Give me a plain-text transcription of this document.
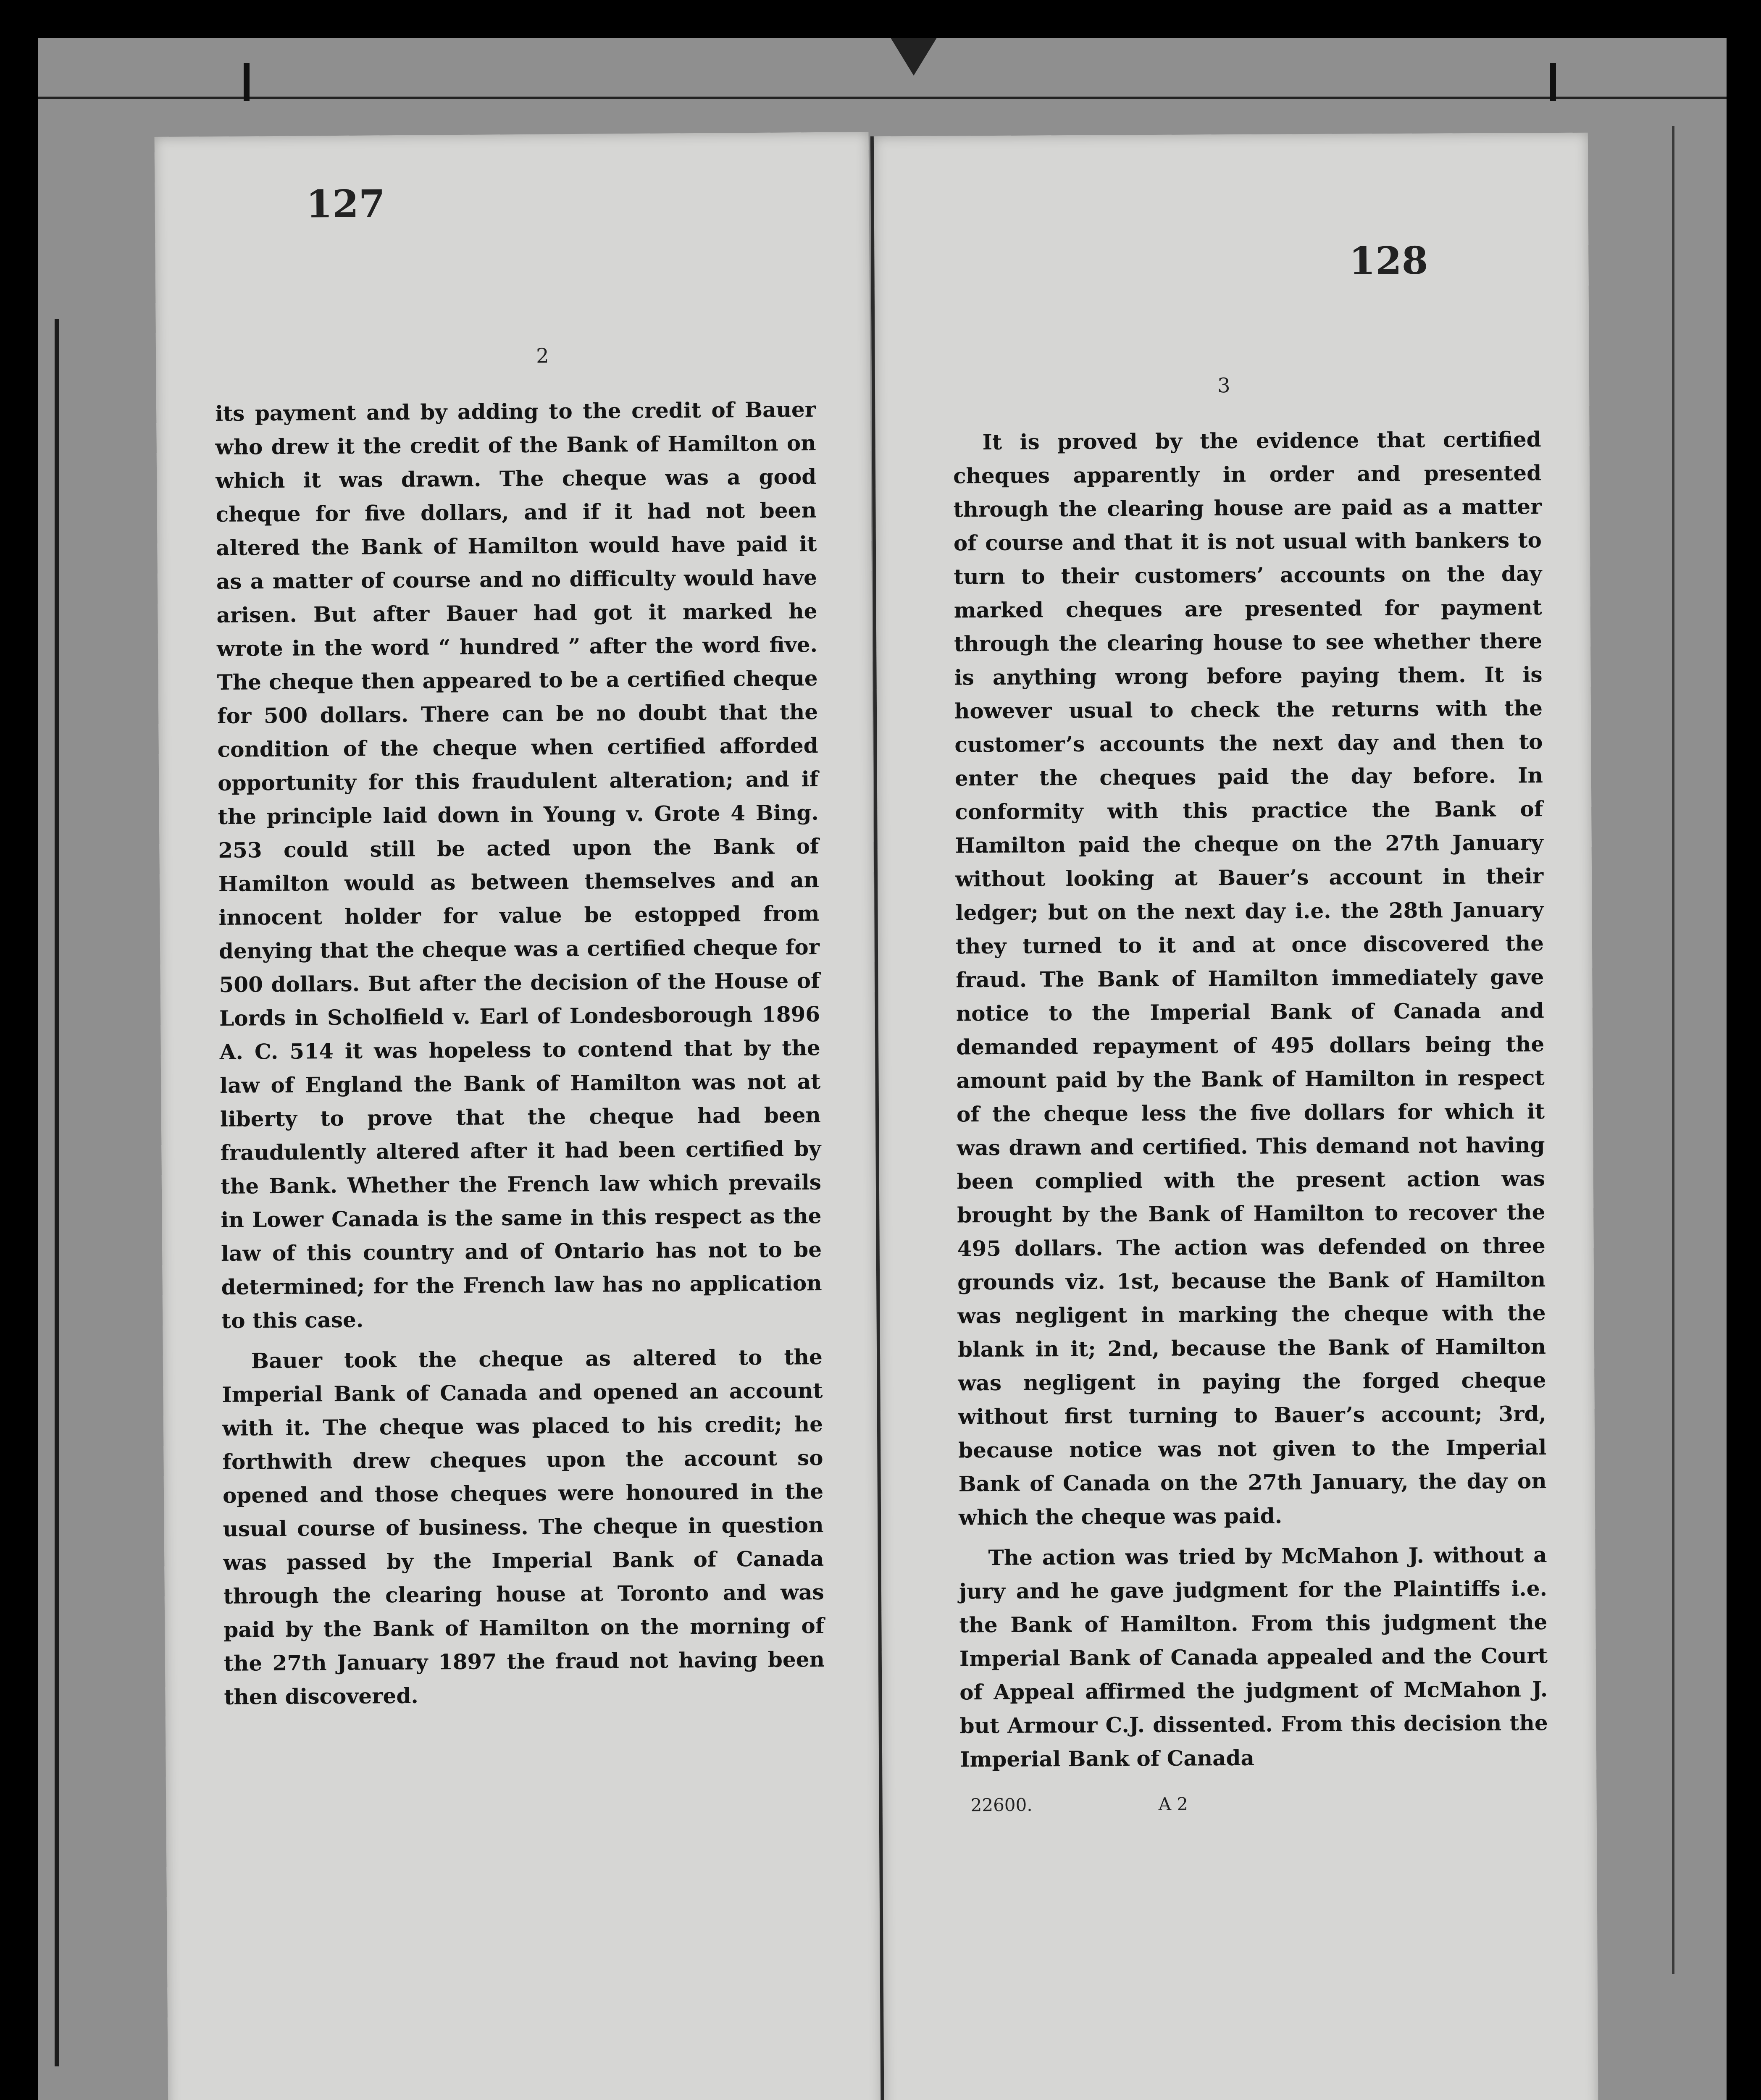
127
2

its payment and by adding to the credit of Bauer who drew it the credit of the Bank of Hamilton on which it was drawn. The cheque was a good cheque for five dollars, and if it had not been altered the Bank of Hamilton would have paid it as a matter of course and no difficulty would have arisen. But after Bauer had got it marked he wrote in the word “ hundred ” after the word five. The cheque then appeared to be a certified cheque for 500 dollars. There can be no doubt that the condition of the cheque when certified afforded opportunity for this fraudulent alteration; and if the principle laid down in Young v. Grote 4 Bing. 253 could still be acted upon the Bank of Hamilton would as between themselves and an innocent holder for value be estopped from denying that the cheque was a certified cheque for 500 dollars. But after the decision of the House of Lords in Scholfield v. Earl of Londesborough 1896 A. C. 514 it was hopeless to contend that by the law of England the Bank of Hamilton was not at liberty to prove that the cheque had been fraudulently altered after it had been certified by the Bank. Whether the French law which prevails in Lower Canada is the same in this respect as the law of this country and of Ontario has not to be determined; for the French law has no application to this case.

Bauer took the cheque as altered to the Imperial Bank of Canada and opened an account with it. The cheque was placed to his credit; he forthwith drew cheques upon the account so opened and those cheques were honoured in the usual course of business. The cheque in question was passed by the Imperial Bank of Canada through the clearing house at Toronto and was paid by the Bank of Hamilton on the morning of the 27th January 1897 the fraud not having been then discovered.

128
3

It is proved by the evidence that certified cheques apparently in order and presented through the clearing house are paid as a matter of course and that it is not usual with bankers to turn to their customers’ accounts on the day marked cheques are presented for payment through the clearing house to see whether there is anything wrong before paying them. It is however usual to check the returns with the customer’s accounts the next day and then to enter the cheques paid the day before. In conformity with this practice the Bank of Hamilton paid the cheque on the 27th January without looking at Bauer’s account in their ledger; but on the next day i.e. the 28th January they turned to it and at once discovered the fraud. The Bank of Hamilton immediately gave notice to the Imperial Bank of Canada and demanded repayment of 495 dollars being the amount paid by the Bank of Hamilton in respect of the cheque less the five dollars for which it was drawn and certified. This demand not having been complied with the present action was brought by the Bank of Hamilton to recover the 495 dollars. The action was defended on three grounds viz. 1st, because the Bank of Hamilton was negligent in marking the cheque with the blank in it; 2nd, because the Bank of Hamilton was negligent in paying the forged cheque without first turning to Bauer’s account; 3rd, because notice was not given to the Imperial Bank of Canada on the 27th January, the day on which the cheque was paid.

The action was tried by McMahon J. without a jury and he gave judgment for the Plaintiffs i.e. the Bank of Hamilton. From this judgment the Imperial Bank of Canada appealed and the Court of Appeal affirmed the judgment of McMahon J. but Armour C.J. dissented. From this decision the Imperial Bank of Canada

22600.	A 2
